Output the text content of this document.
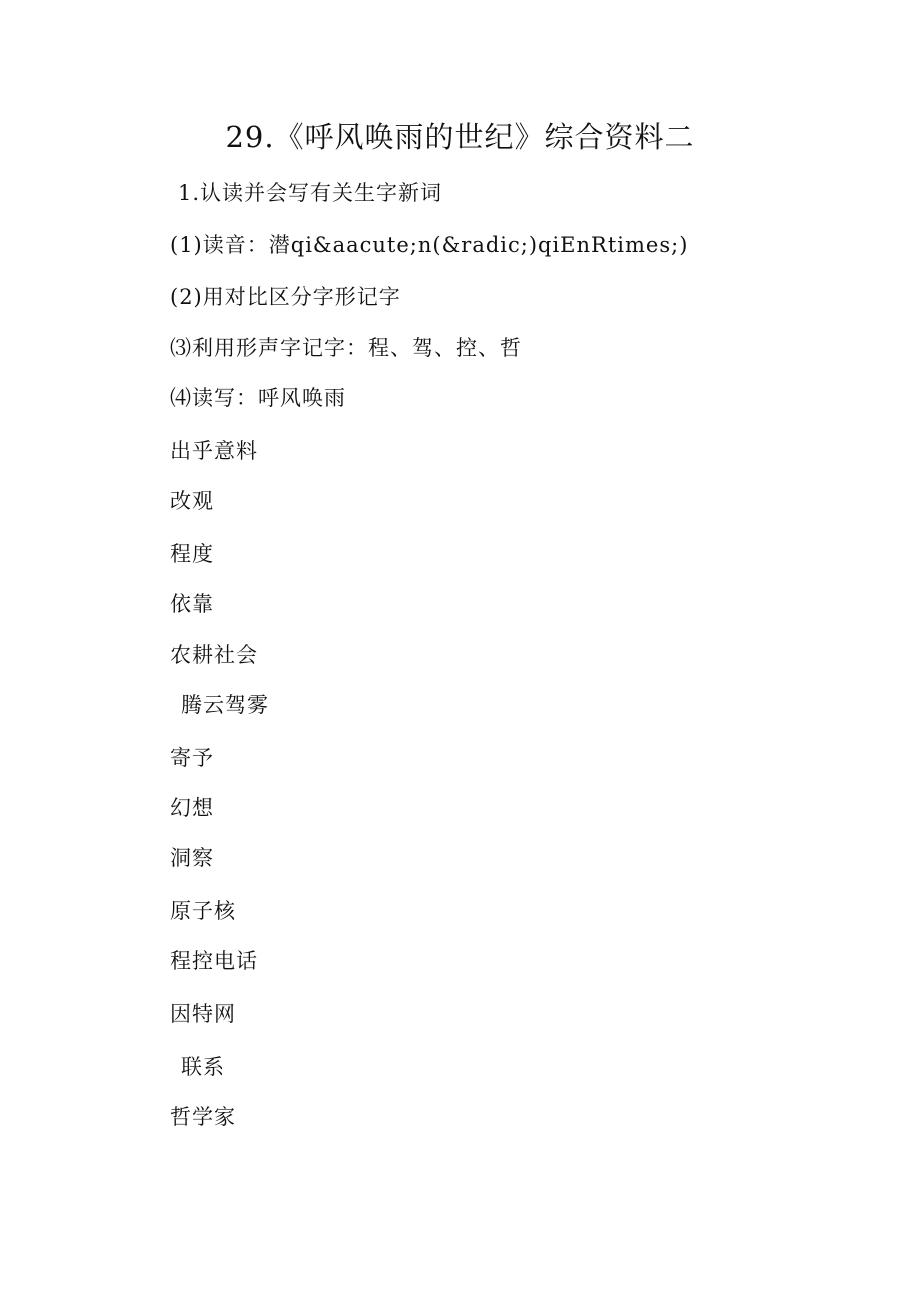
29.《呼风唤雨的世纪》综合资料二
1.认读并会写有关生字新词
(1)读音：潜qi&aacute;n(&radic;)qiEnRtimes;)
(2)用对比区分字形记字
⑶利用形声字记字：程、驾、控、哲
⑷读写：呼风唤雨
出乎意料
改观
程度
依靠
农耕社会
腾云驾雾
寄予
幻想
洞察
原子核
程控电话
因特网
联系
哲学家
